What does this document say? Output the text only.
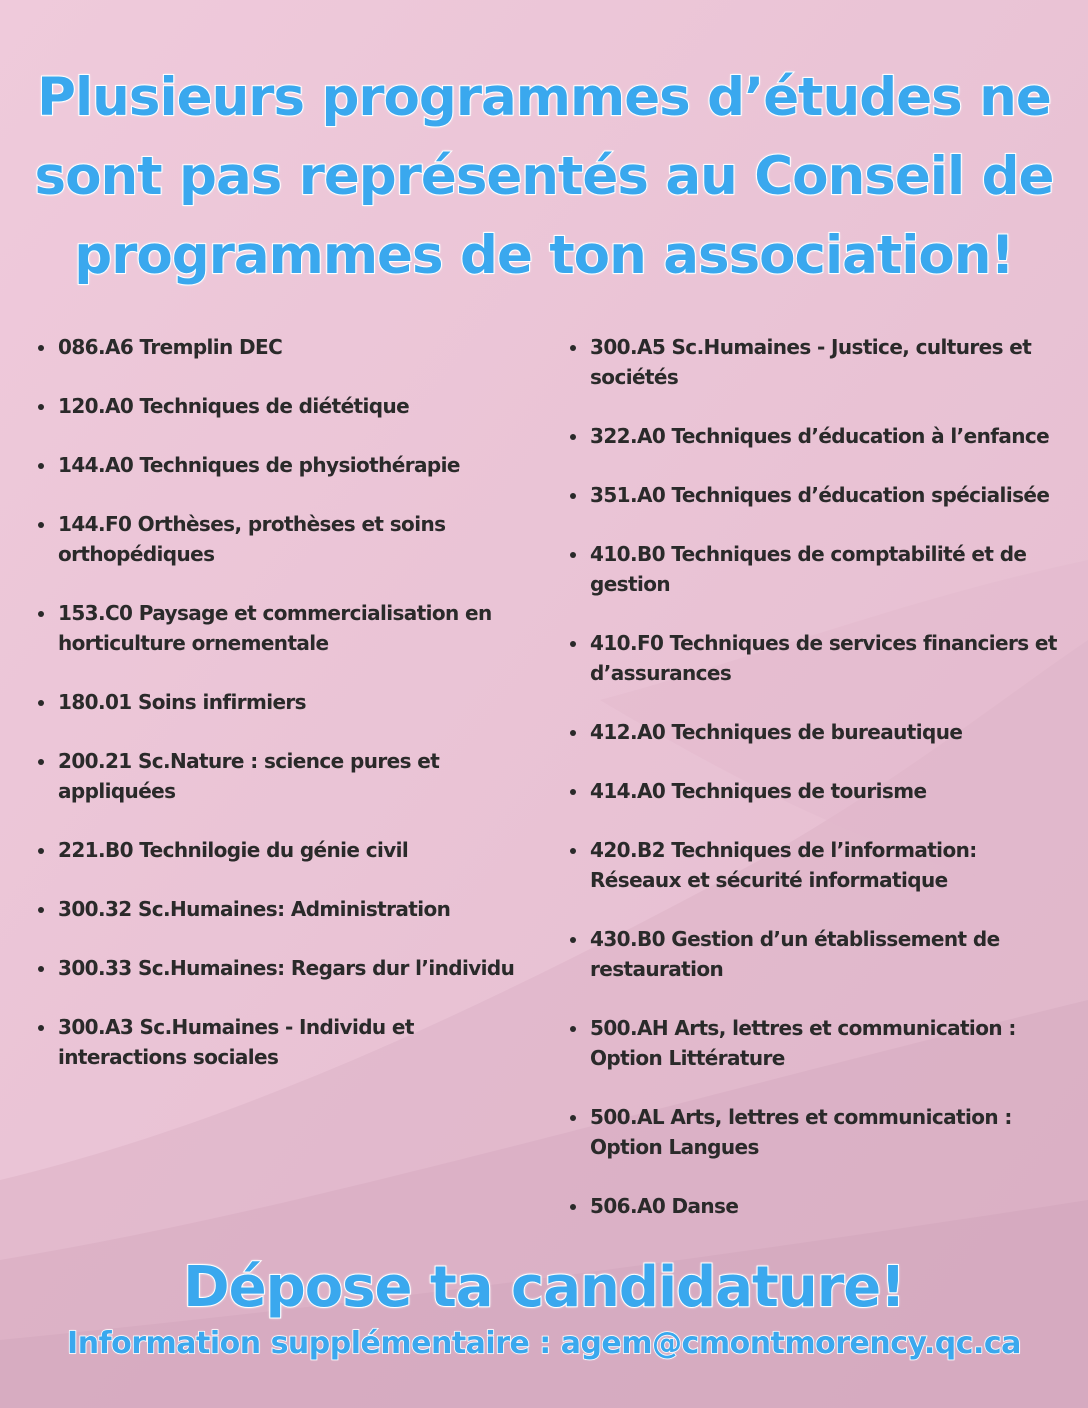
Plusieurs programmes d’études ne sont pas représentés au Conseil de programmes de ton association!
086.A6 Tremplin DEC
120.A0 Techniques de diététique
144.A0 Techniques de physiothérapie
144.F0 Orthèses, prothèses et soins orthopédiques
153.C0 Paysage et commercialisation en horticulture ornementale
180.01 Soins infirmiers
200.21 Sc.Nature : science pures et appliquées
221.B0 Technilogie du génie civil
300.32 Sc.Humaines: Administration
300.33 Sc.Humaines: Regars dur l’individu
300.A3 Sc.Humaines - Individu et interactions sociales
300.A5 Sc.Humaines - Justice, cultures et sociétés
322.A0 Techniques d’éducation à l’enfance
351.A0 Techniques d’éducation spécialisée
410.B0 Techniques de comptabilité et de gestion
410.F0 Techniques de services financiers et d’assurances
412.A0 Techniques de bureautique
414.A0 Techniques de tourisme
420.B2 Techniques de l’information: Réseaux et sécurité informatique
430.B0 Gestion d’un établissement de restauration
500.AH Arts, lettres et communication : Option Littérature
500.AL Arts, lettres et communication : Option Langues
506.A0 Danse
Dépose ta candidature!
Information supplémentaire : agem@cmontmorency.qc.ca
